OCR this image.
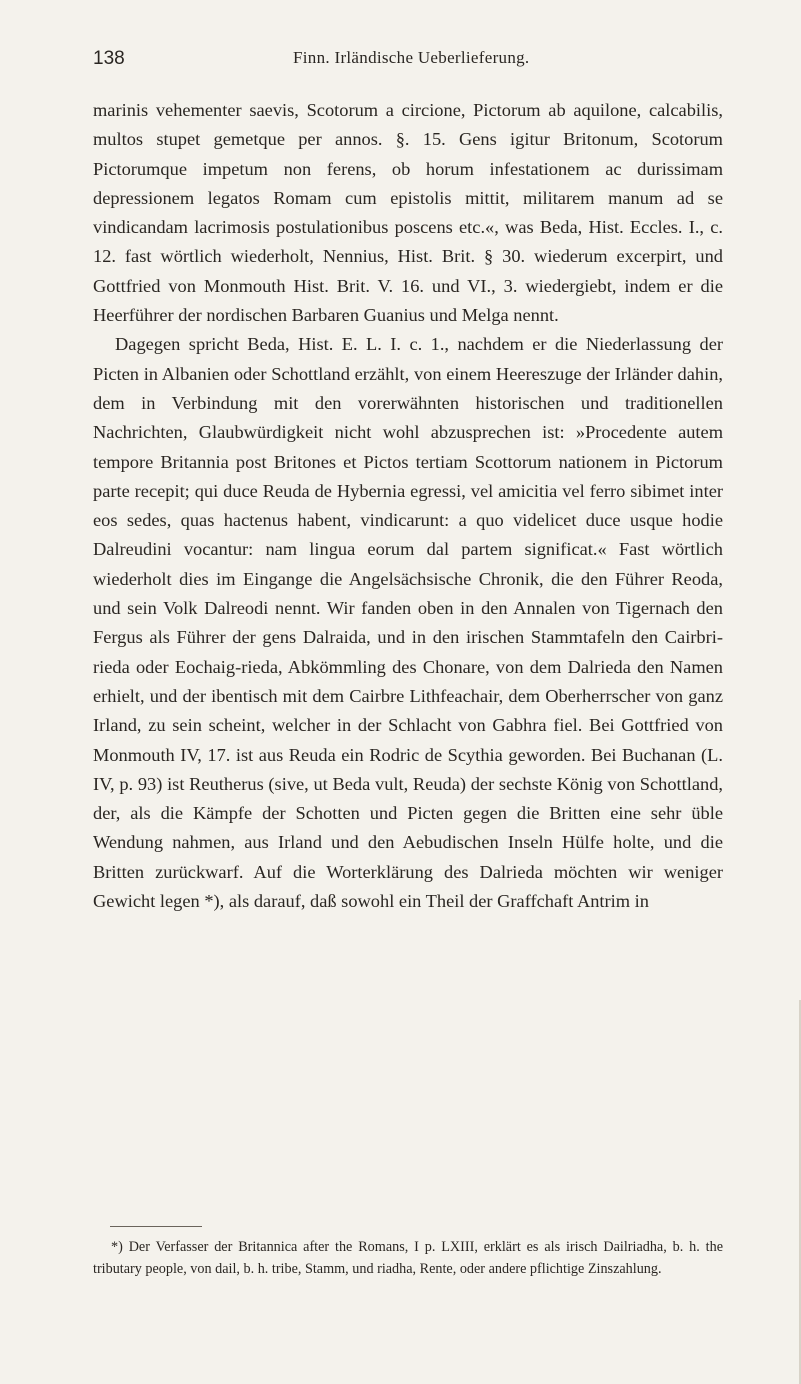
138	Finn. Irländische Ueberlieferung.

marinis vehementer saevis, Scotorum a circione, Pictorum ab aquilone, calcabilis, multos stupet gemetque per annos. §. 15. Gens igitur Britonum, Scotorum Pictorumque impetum non ferens, ob horum infestationem ac durissimam depressionem legatos Romam cum epistolis mittit, militarem manum ad se vindicandam lacrimosis postulationibus poscens etc.«, was Beda, Hist. Eccles. I., c. 12. fast wörtlich wiederholt, Nennius, Hist. Brit. § 30. wiederum excerpirt, und Gottfried von Monmouth Hist. Brit. V. 16. und VI., 3. wiedergiebt, indem er die Heerführer der nordischen Barbaren Guanius und Melga nennt.

Dagegen spricht Beda, Hist. E. L. I. c. 1., nachdem er die Niederlassung der Picten in Albanien oder Schottland erzählt, von einem Heereszuge der Irländer dahin, dem in Verbindung mit den vorerwähnten historischen und traditionellen Nachrichten, Glaubwürdigkeit nicht wohl abzusprechen ist: »Procedente autem tempore Britannia post Britones et Pictos tertiam Scottorum nationem in Pictorum parte recepit; qui duce Reuda de Hybernia egressi, vel amicitia vel ferro sibimet inter eos sedes, quas hactenus habent, vindicarunt: a quo videlicet duce usque hodie Dalreudini vocantur: nam lingua eorum dal partem significat.« Fast wörtlich wiederholt dies im Eingange die Angelsächsische Chronik, die den Führer Reoda, und sein Volk Dalreodi nennt. Wir fanden oben in den Annalen von Tigernach den Fergus als Führer der gens Dalraida, und in den irischen Stammtafeln den Cairbri-rieda oder Eochaig-rieda, Abkömmling des Chonare, von dem Dalrieda den Namen erhielt, und der ibentisch mit dem Cairbre Lithfeachair, dem Oberherrscher von ganz Irland, zu sein scheint, welcher in der Schlacht von Gabhra fiel. Bei Gottfried von Monmouth IV, 17. ist aus Reuda ein Rodric de Scythia geworden. Bei Buchanan (L. IV, p. 93) ist Reutherus (sive, ut Beda vult, Reuda) der sechste König von Schottland, der, als die Kämpfe der Schotten und Picten gegen die Britten eine sehr üble Wendung nahmen, aus Irland und den Aebudischen Inseln Hülfe holte, und die Britten zurückwarf. Auf die Worterklärung des Dalrieda möchten wir weniger Gewicht legen *), als darauf, daß sowohl ein Theil der Graffchaft Antrim in

*) Der Verfasser der Britannica after the Romans, I p. LXIII, erklärt es als irisch Dailriadha, b. h. the tributary people, von dail, b. h. tribe, Stamm, und riadha, Rente, oder andere pflichtige Zinszahlung.
